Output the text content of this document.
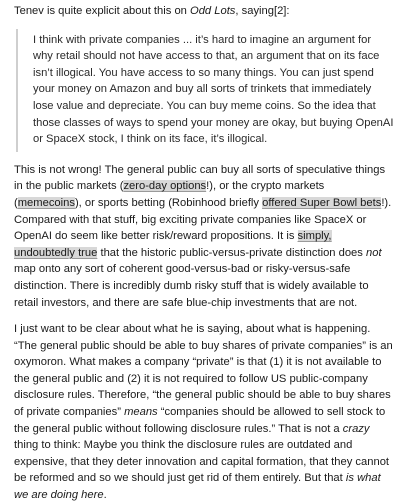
Tenev is quite explicit about this on Odd Lots, saying[2]:

I think with private companies ... it’s hard to imagine an argument for why retail should not have access to that, an argument that on its face isn’t illogical. You have access to so many things. You can just spend your money on Amazon and buy all sorts of trinkets that immediately lose value and depreciate. You can buy meme coins. So the idea that those classes of ways to spend your money are okay, but buying OpenAI or SpaceX stock, I think on its face, it’s illogical.

This is not wrong! The general public can buy all sorts of speculative things in the public markets (zero-day options!), or the crypto markets (memecoins), or sports betting (Robinhood briefly offered Super Bowl bets!). Compared with that stuff, big exciting private companies like SpaceX or OpenAI do seem like better risk/reward propositions. It is simply, undoubtedly true that the historic public-versus-private distinction does not map onto any sort of coherent good-versus-bad or risky-versus-safe distinction. There is incredibly dumb risky stuff that is widely available to retail investors, and there are safe blue-chip investments that are not.

I just want to be clear about what he is saying, about what is happening. “The general public should be able to buy shares of private companies” is an oxymoron. What makes a company “private” is that (1) it is not available to the general public and (2) it is not required to follow US public-company disclosure rules. Therefore, “the general public should be able to buy shares of private companies” means “companies should be allowed to sell stock to the general public without following disclosure rules.” That is not a crazy thing to think: Maybe you think the disclosure rules are outdated and expensive, that they deter innovation and capital formation, that they cannot be reformed and so we should just get rid of them entirely. But that is what we are doing here.
